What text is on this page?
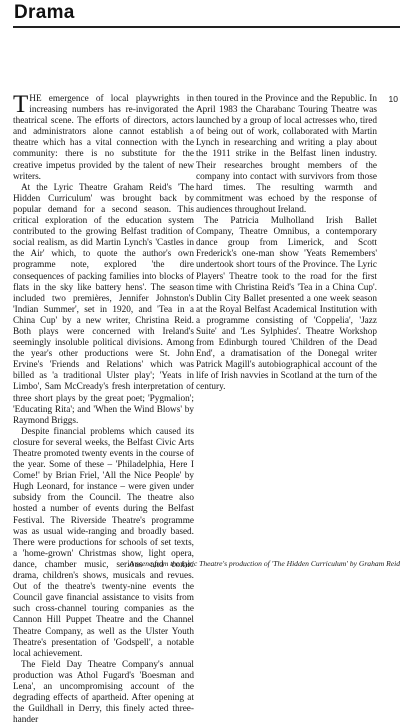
Drama

THE emergence of local playwrights in increasing numbers has re-invigorated the theatrical scene. The efforts of directors, actors and administrators alone cannot establish a theatre which has a vital connection with the community: there is no substitute for the creative impetus provided by the talent of new writers.

At the Lyric Theatre Graham Reid's 'The Hidden Curriculum' was brought back by popular demand for a second season. This critical exploration of the education system contributed to the growing Belfast tradition of social realism, as did Martin Lynch's 'Castles in the Air' which, to quote the author's own programme note, explored 'the dire consequences of packing families into blocks of flats in the sky like battery hens'. The season included two premières, Jennifer Johnston's 'Indian Summer', set in 1920, and 'Tea in a China Cup' by a new writer, Christina Reid. Both plays were concerned with Ireland's seemingly insoluble political divisions. Among the year's other productions were St. John Ervine's 'Friends and Relations' which was billed as 'a traditional Ulster play'; 'Yeats in Limbo', Sam McCready's fresh interpretation of three short plays by the great poet; 'Pygmalion'; 'Educating Rita'; and 'When the Wind Blows' by Raymond Briggs.

Despite financial problems which caused its closure for several weeks, the Belfast Civic Arts Theatre promoted twenty events in the course of the year. Some of these – 'Philadelphia, Here I Come!' by Brian Friel, 'All the Nice People' by Hugh Leonard, for instance – were given under subsidy from the Council. The theatre also hosted a number of events during the Belfast Festival. The Riverside Theatre's programme was as usual wide-ranging and broadly based. There were productions for schools of set texts, a 'home-grown' Christmas show, light opera, dance, chamber music, serious and comic drama, children's shows, musicals and revues. Out of the theatre's twenty-nine events the Council gave financial assistance to visits from such cross-channel touring companies as the Cannon Hill Puppet Theatre and the Channel Theatre Company, as well as the Ulster Youth Theatre's presentation of 'Godspell', a notable local achievement.

The Field Day Theatre Company's annual production was Athol Fugard's 'Boesman and Lena', an uncompromising account of the degrading effects of apartheid. After opening at the Guildhall in Derry, this finely acted three-hander

then toured in the Province and the Republic. In April 1983 the Charabanc Touring Theatre was launched by a group of local actresses who, tired of being out of work, collaborated with Martin Lynch in researching and writing a play about the 1911 strike in the Belfast linen industry. Their researches brought members of the company into contact with survivors from those hard times. The resulting warmth and commitment was echoed by the response of audiences throughout Ireland.

The Patricia Mulholland Irish Ballet Company, Theatre Omnibus, a contemporary dance group from Limerick, and Scott Frederick's one-man show 'Yeats Remembers' undertook short tours of the Province. The Lyric Players' Theatre took to the road for the first time with Christina Reid's 'Tea in a China Cup'. Dublin City Ballet presented a one week season at the Royal Belfast Academical Institution with a programme consisting of 'Coppelia', 'Jazz Suite' and 'Les Sylphides'. Theatre Workshop from Edinburgh toured 'Children of the Dead End', a dramatisation of the Donegal writer Patrick Magill's autobiographical account of the life of Irish navvies in Scotland at the turn of the century.

10
A scene from the Lyric Theatre's production of 'The Hidden Curriculum' by Graham Reid
